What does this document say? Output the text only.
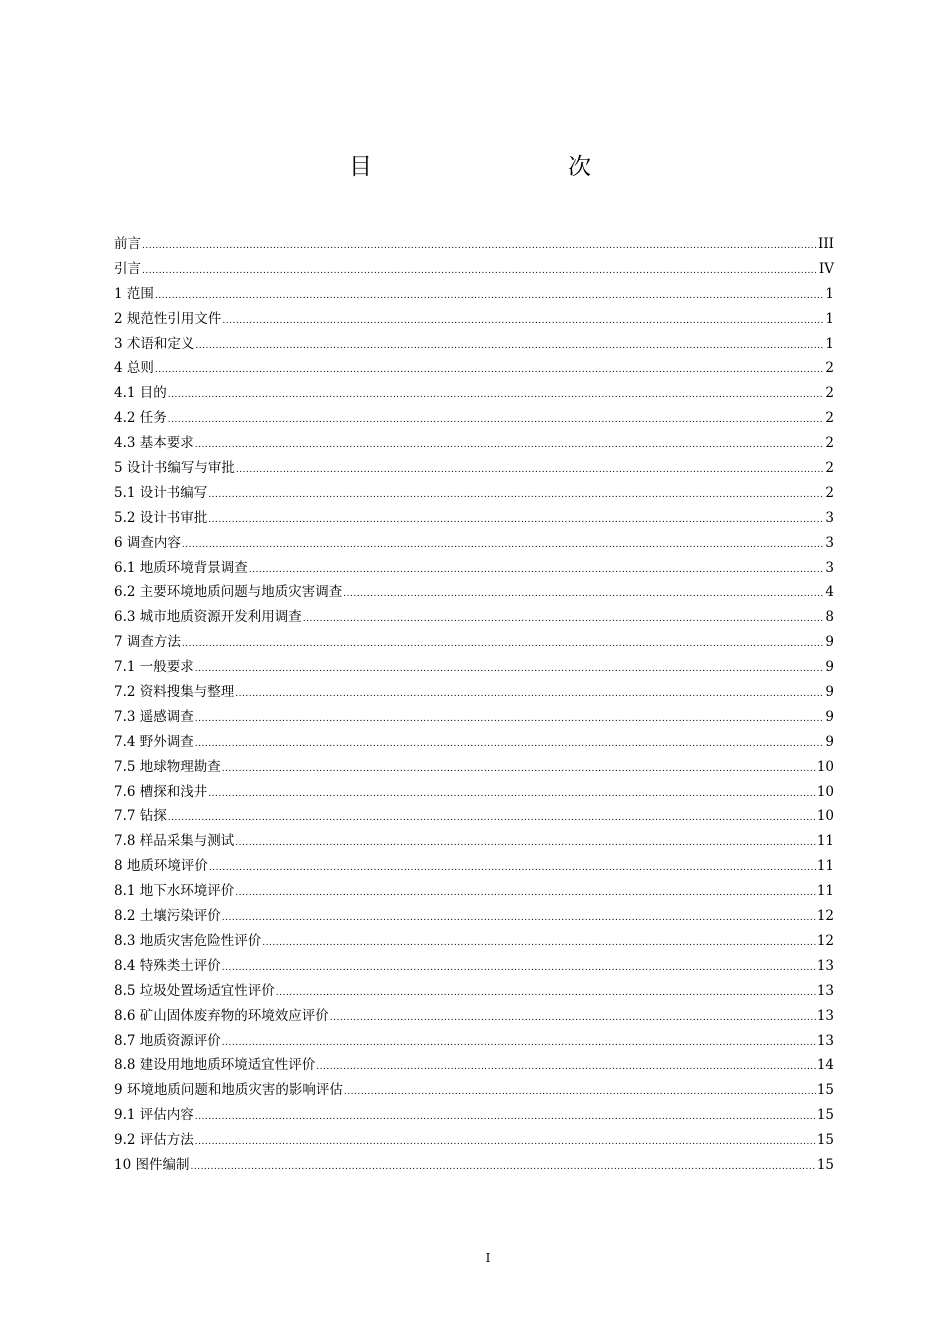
目　　次
前言 .....	III
引言 .....	IV
1 范围 .....	1
2 规范性引用文件 .....	1
3 术语和定义 .....	1
4 总则 .....	2
4.1 目的 .....	2
4.2 任务 .....	2
4.3 基本要求 .....	2
5 设计书编写与审批 .....	2
5.1 设计书编写 .....	2
5.2 设计书审批 .....	3
6 调查内容 .....	3
6.1 地质环境背景调查 .....	3
6.2 主要环境地质问题与地质灾害调查 .....	4
6.3 城市地质资源开发利用调查 .....	8
7 调查方法 .....	9
7.1 一般要求 .....	9
7.2 资料搜集与整理 .....	9
7.3 遥感调查 .....	9
7.4 野外调查 .....	9
7.5 地球物理勘查 .....	10
7.6 槽探和浅井 .....	10
7.7 钻探 .....	10
7.8 样品采集与测试 .....	11
8 地质环境评价 .....	11
8.1 地下水环境评价 .....	11
8.2 土壤污染评价 .....	12
8.3 地质灾害危险性评价 .....	12
8.4 特殊类土评价 .....	13
8.5 垃圾处置场适宜性评价 .....	13
8.6 矿山固体废弃物的环境效应评价 .....	13
8.7 地质资源评价 .....	13
8.8 建设用地地质环境适宜性评价 .....	14
9 环境地质问题和地质灾害的影响评估 .....	15
9.1 评估内容 .....	15
9.2 评估方法 .....	15
10 图件编制 .....	15
I
